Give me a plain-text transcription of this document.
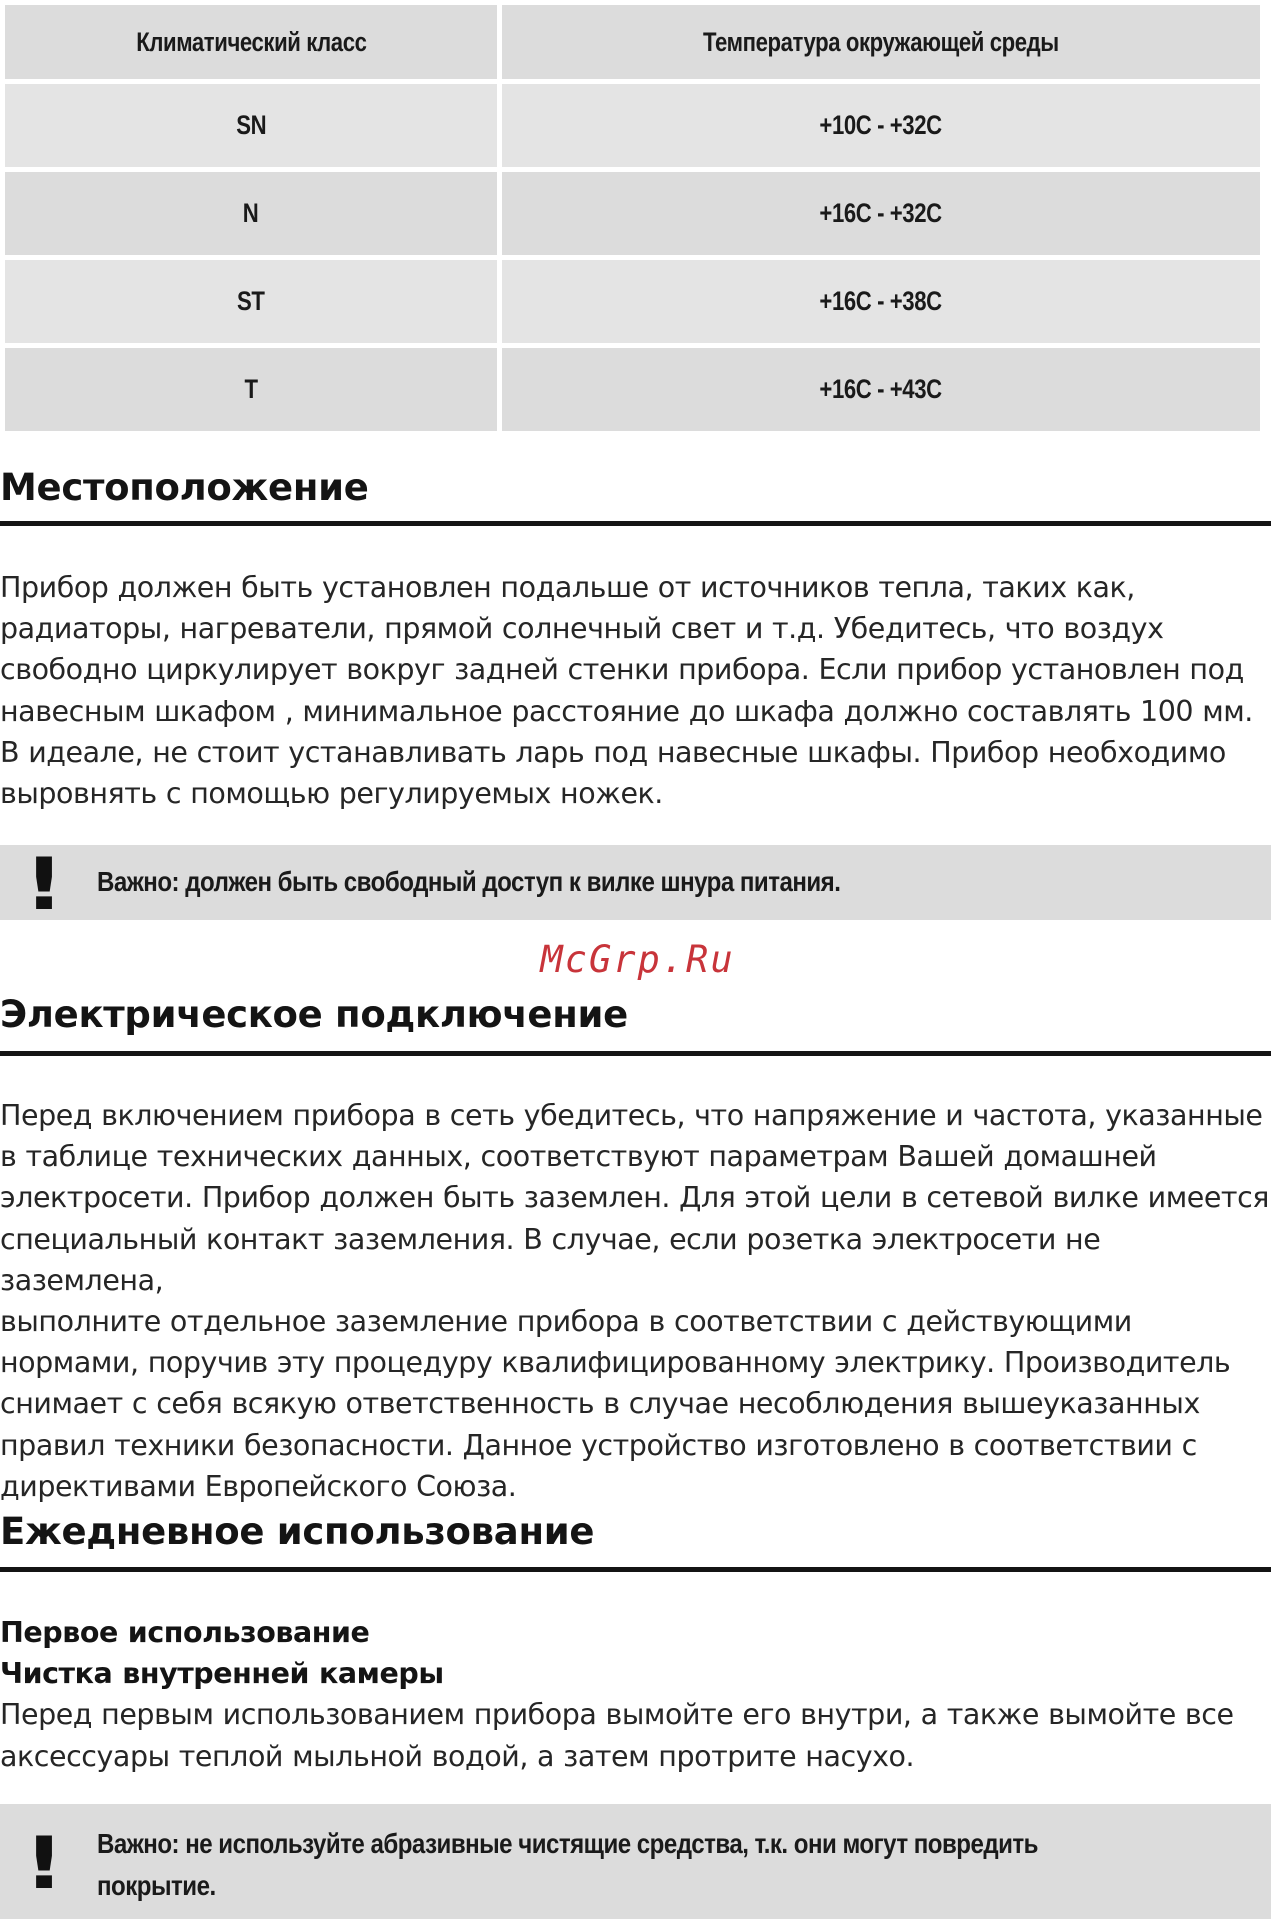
Климатический класс	Температура окружающей среды
SN	+10C - +32C
N	+16C - +32C
ST	+16C - +38C
T	+16C - +43C
Местоположение
Прибор должен быть установлен подальше от источников тепла, таких как,
радиаторы, нагреватели, прямой солнечный свет и т.д. Убедитесь, что воздух
свободно циркулирует вокруг задней стенки прибора. Если прибор установлен под
навесным шкафом , минимальное расстояние до шкафа должно составлять 100 мм.
В идеале, не стоит устанавливать ларь под навесные шкафы. Прибор необходимо
выровнять с помощью регулируемых ножек.
! Важно: должен быть свободный доступ к вилке шнура питания.
McGrp.Ru
Электрическое подключение
Перед включением прибора в сеть убедитесь, что напряжение и частота, указанные
в таблице технических данных, соответствуют параметрам Вашей домашней
электросети. Прибор должен быть заземлен. Для этой цели в сетевой вилке имеется
специальный контакт заземления. В случае, если розетка электросети не заземлена,
выполните отдельное заземление прибора в соответствии с действующими
нормами, поручив эту процедуру квалифицированному электрику. Производитель
снимает с себя всякую ответственность в случае несоблюдения вышеуказанных
правил техники безопасности. Данное устройство изготовлено в соответствии с
директивами Европейского Союза.
Ежедневное использование
Первое использование
Чистка внутренней камеры
Перед первым использованием прибора вымойте его внутри, а также вымойте все
аксессуары теплой мыльной водой, а затем протрите насухо.
! Важно: не используйте абразивные чистящие средства, т.к. они могут повредить
покрытие.
